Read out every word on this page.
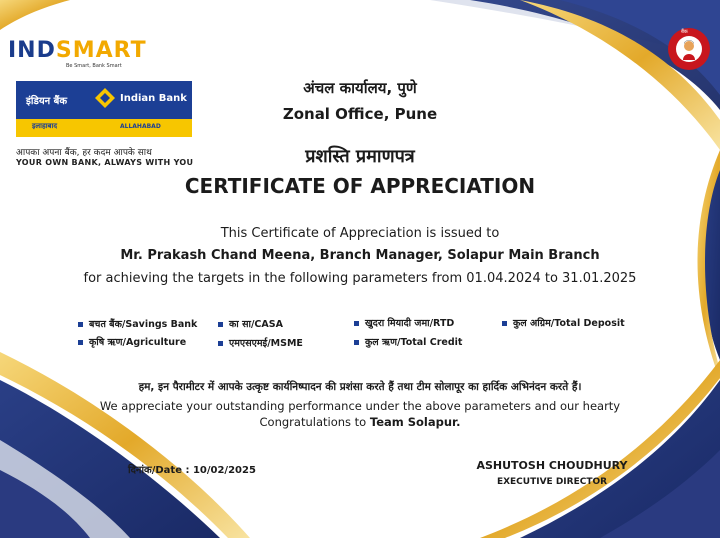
INDSMART
Be Smart, Bank Smart
इंडियन बैंक	Indian Bank
इलाहाबाद	ALLAHABAD
आपका अपना बैंक, हर कदम आपके साथ
YOUR OWN BANK, ALWAYS WITH YOU
बैंक
अंचल कार्यालय, पुणे
Zonal Office, Pune
प्रशस्ति प्रमाणपत्र
CERTIFICATE OF APPRECIATION
This Certificate of Appreciation is issued to
Mr. Prakash Chand Meena, Branch Manager, Solapur Main Branch
for achieving the targets in the following parameters from 01.04.2024 to 31.01.2025
बचत बैंक/Savings Bank	का सा/CASA	खुदरा मियादी जमा/RTD	कुल अग्रिम/Total Deposit
कृषि ऋण/Agriculture	एमएसएमई/MSME	कुल ऋण/Total Credit
हम, इन पैरामीटर में आपके उत्कृष्ट कार्यनिष्पादन की प्रशंसा करते हैं तथा टीम सोलापूर का हार्दिक अभिनंदन करते हैं।
We appreciate your outstanding performance under the above parameters and our hearty
Congratulations to Team Solapur.
दिनांक/Date : 10/02/2025	ASHUTOSH CHOUDHURY
EXECUTIVE DIRECTOR
